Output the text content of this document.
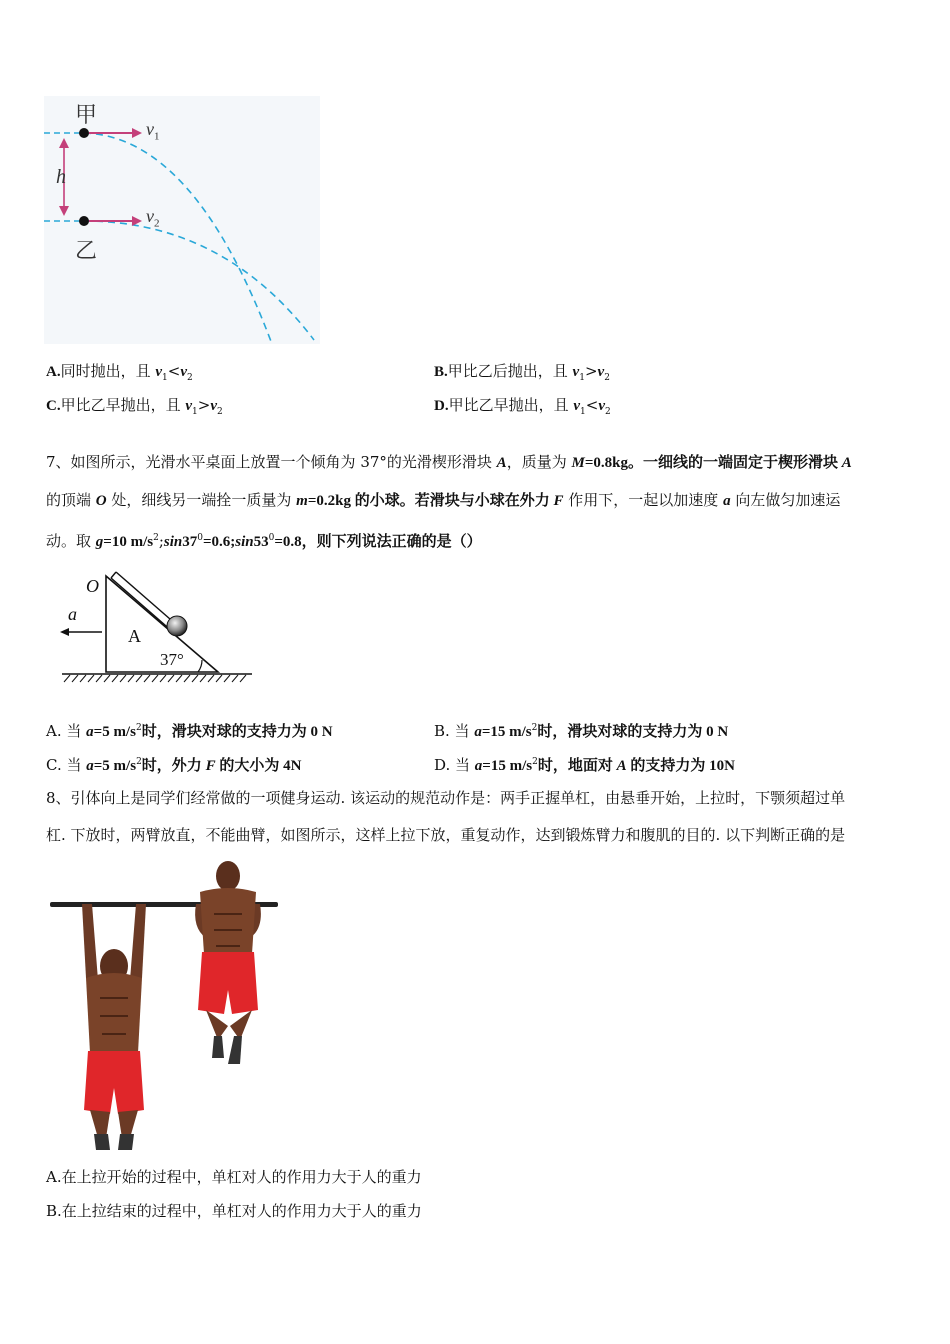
甲
乙
h
$v_1$
$v_2$
A.同时抛出，且 $v_1<v_2$	B.甲比乙后抛出，且 $v_1>v_2$
C.甲比乙早抛出，且 $v_1>v_2$	D.甲比乙早抛出，且 $v_1<v_2$
7、如图所示，光滑水平桌面上放置一个倾角为 37°的光滑楔形滑块 A，质量为 M=0.8kg。一细线的一端固定于楔形滑块 A
的顶端 O 处，细线另一端拴一质量为 m=0.2kg 的小球。若滑块与小球在外力 F 作用下，一起以加速度 a 向左做匀加速运
动。取 g=10 $m/s^2;\sin 37^0=0.6;\sin 53^0=0.8$，则下列说法正确的是（）
O
a
A
37°
A. 当 a=5 $m/s^2$时，滑块对球的支持力为 0 N	B. 当 a=15 $m/s^2$时，滑块对球的支持力为 0 N
C. 当 a=5 $m/s^2$时，外力 F 的大小为 4N	D. 当 a=15 $m/s^2$时，地面对 A 的支持力为 10N
8、引体向上是同学们经常做的一项健身运动. 该运动的规范动作是：两手正握单杠，由悬垂开始，上拉时，下颚须超过单
杠. 下放时，两臂放直，不能曲臂，如图所示，这样上拉下放，重复动作，达到锻炼臂力和腹肌的目的. 以下判断正确的是
A.在上拉开始的过程中，单杠对人的作用力大于人的重力
B.在上拉结束的过程中，单杠对人的作用力大于人的重力
